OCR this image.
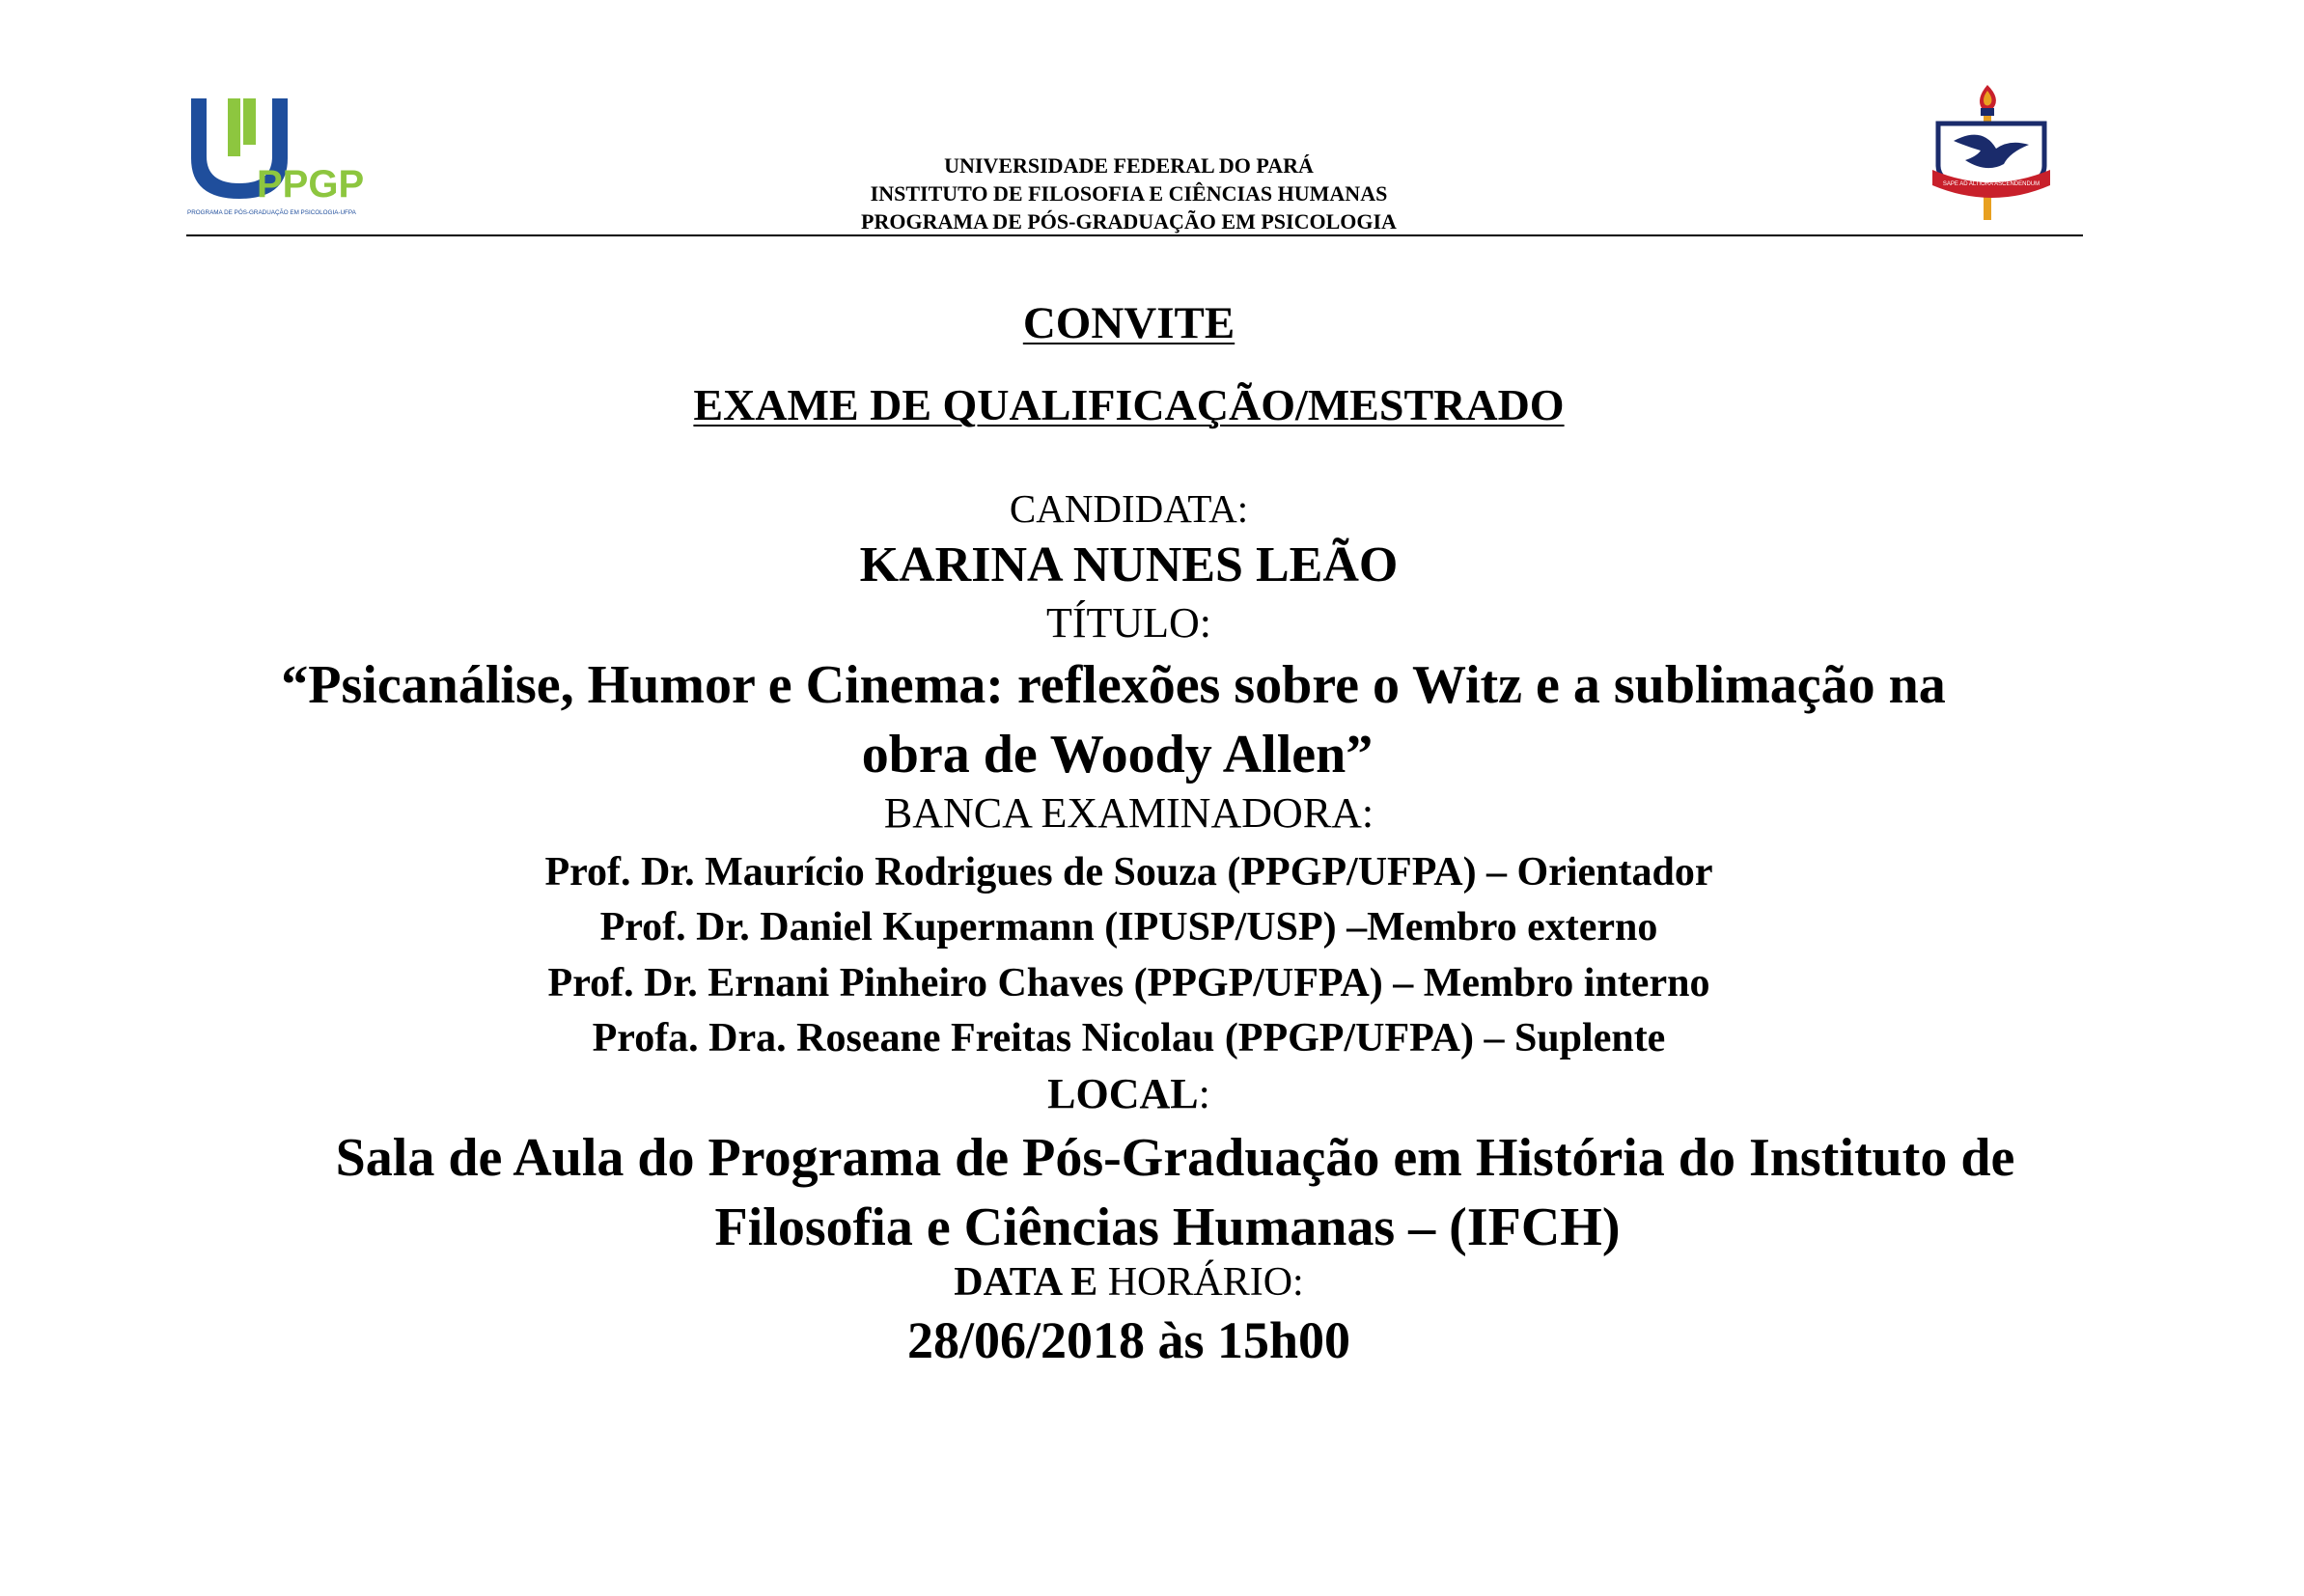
PPGP
PROGRAMA DE PÓS-GRADUAÇÃO EM PSICOLOGIA-UFPA
UNIVERSIDADE FEDERAL DO PARÁ
INSTITUTO DE FILOSOFIA E CIÊNCIAS HUMANAS
PROGRAMA DE PÓS-GRADUAÇÃO EM PSICOLOGIA
SAPE AD ALTIORA ASCENDENDUM
CONVITE
EXAME DE QUALIFICAÇÃO/MESTRADO
CANDIDATA:
KARINA NUNES LEÃO
TÍTULO:
“Psicanálise, Humor e Cinema: reflexões sobre o Witz e a sublimação na
obra de Woody Allen”
BANCA EXAMINADORA:
Prof. Dr. Maurício Rodrigues de Souza (PPGP/UFPA) – Orientador
Prof. Dr. Daniel Kupermann (IPUSP/USP) –Membro externo
Prof. Dr. Ernani Pinheiro Chaves (PPGP/UFPA) – Membro interno
Profa. Dra. Roseane Freitas Nicolau (PPGP/UFPA) – Suplente
LOCAL:
Sala de Aula do Programa de Pós-Graduação em História do Instituto de
Filosofia e Ciências Humanas – (IFCH)
DATA E HORÁRIO:
28/06/2018 às 15h00
